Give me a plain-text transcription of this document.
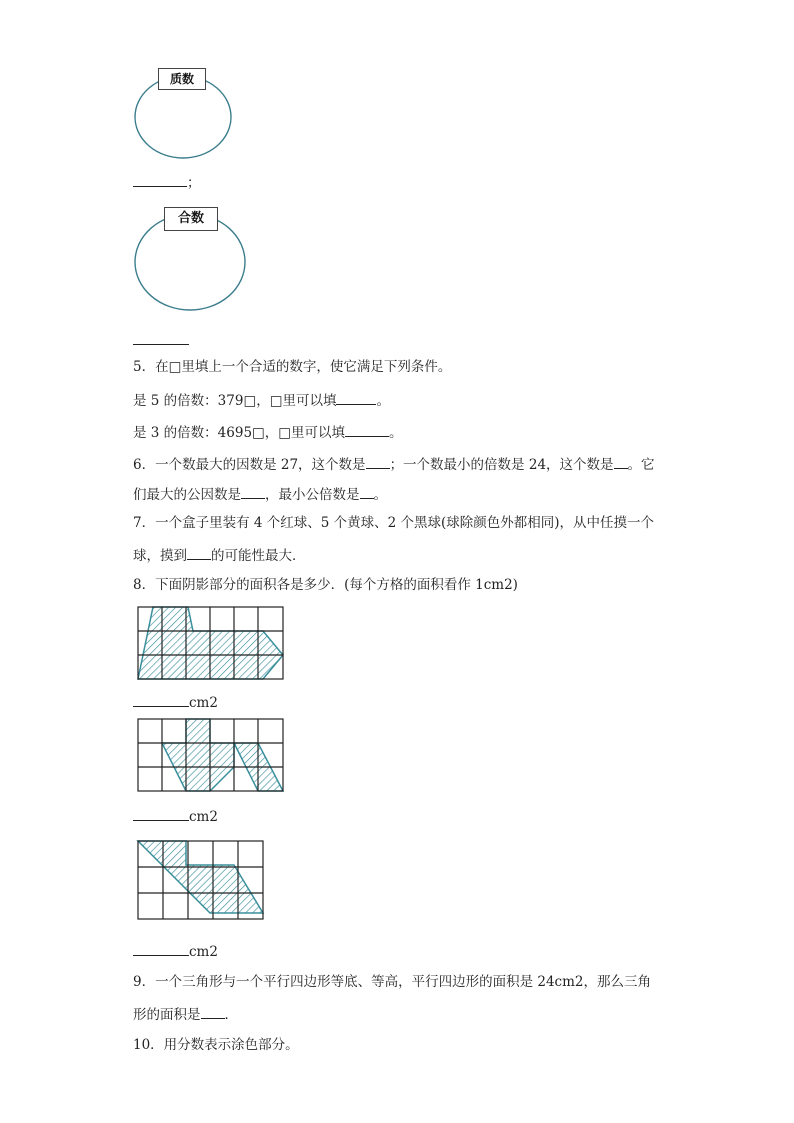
质数
；
合数
5．在□里填上一个合适的数字，使它满足下列条件。
是 5 的倍数：379□，□里可以填	。
是 3 的倍数：4695□，□里可以填	。
6．一个数最大的因数是 27，这个数是 ；一个数最小的倍数是 24，这个数是 。它
们最大的公因数是 ，最小公倍数是 。
7．一个盒子里装有 4 个红球、5 个黄球、2 个黑球(球除颜色外都相同)，从中任摸一个
球，摸到 的可能性最大．
8．下面阴影部分的面积各是多少．(每个方格的面积看作 1cm2)
cm2
cm2
cm2
9．一个三角形与一个平行四边形等底、等高，平行四边形的面积是 24cm2，那么三角
形的面积是 ．
10．用分数表示涂色部分。
